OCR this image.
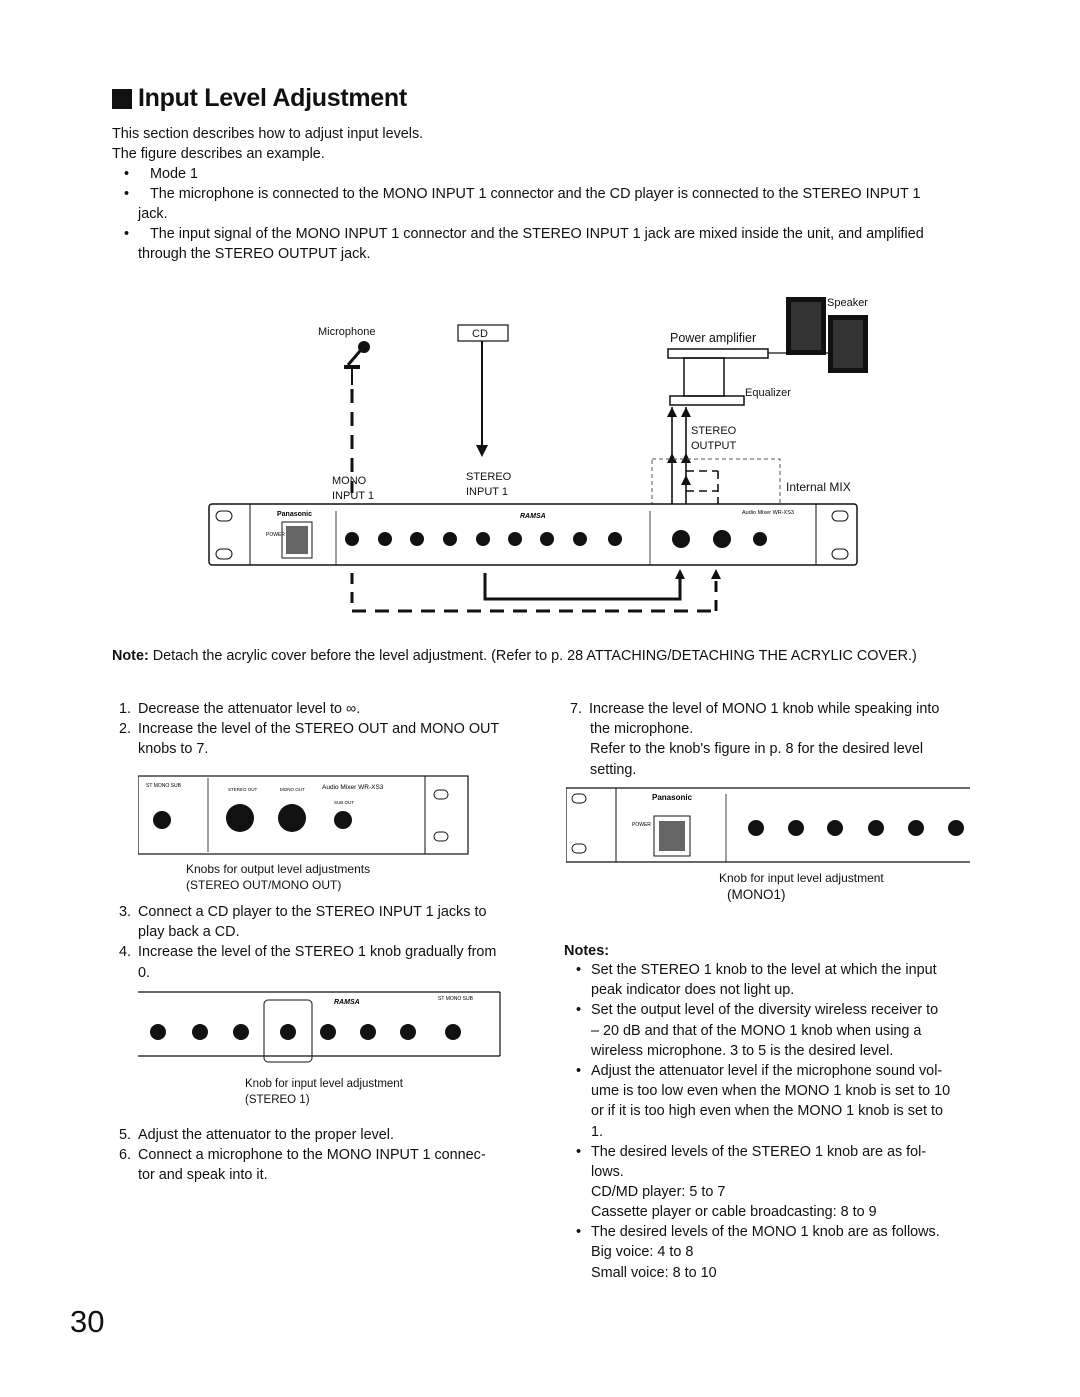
Input Level Adjustment
This section describes how to adjust input levels.
The figure describes an example.
• Mode 1
• The microphone is connected to the MONO INPUT 1 connector and the CD player is connected to the STEREO INPUT 1
jack.
• The input signal of the MONO INPUT 1 connector and the STEREO INPUT 1 jack are mixed inside the unit, and amplified
through the STEREO OUTPUT jack.
POWER
Panasonic	RAMSA	Audio Mixer WR-XS3
Speaker
Microphone	CD	Power amplifier
Equalizer
STEREO
OUTPUT
MONO
INPUT 1
STEREO
INPUT 1	Internal MIX
Note: Detach the acrylic cover before the level adjustment. (Refer to p. 28 ATTACHING/DETACHING THE ACRYLIC COVER.)
1. Decrease the attenuator level to ∞.
2. Increase the level of the STEREO OUT and MONO OUT
knobs to 7.
Audio Mixer WR-XS3
ST MONO SUB
STEREO OUT	MONO OUT
SUB OUT
Knobs for output level adjustments
(STEREO OUT/MONO OUT)
3. Connect a CD player to the STEREO INPUT 1 jacks to
play back a CD.
4. Increase the level of the STEREO 1 knob gradually from
0.
RAMSA	ST MONO SUB
Knob for input level adjustment
(STEREO 1)
5. Adjust the attenuator to the proper level.
6. Connect a microphone to the MONO INPUT 1 connec-
tor and speak into it.
7. Increase the level of MONO 1 knob while speaking into
the microphone.
Refer to the knob's figure in p. 8 for the desired level
setting.
Panasonic
POWER
Knob for input level adjustment
(MONO1)
Notes:
• Set the STEREO 1 knob to the level at which the input
peak indicator does not light up.
• Set the output level of the diversity wireless receiver to
– 20 dB and that of the MONO 1 knob when using a
wireless microphone. 3 to 5 is the desired level.
• Adjust the attenuator level if the microphone sound vol-
ume is too low even when the MONO 1 knob is set to 10
or if it is too high even when the MONO 1 knob is set to
1.
• The desired levels of the STEREO 1 knob are as fol-
lows.
CD/MD player: 5 to 7
Cassette player or cable broadcasting: 8 to 9
• The desired levels of the MONO 1 knob are as follows.
Big voice: 4 to 8
Small voice: 8 to 10
30
